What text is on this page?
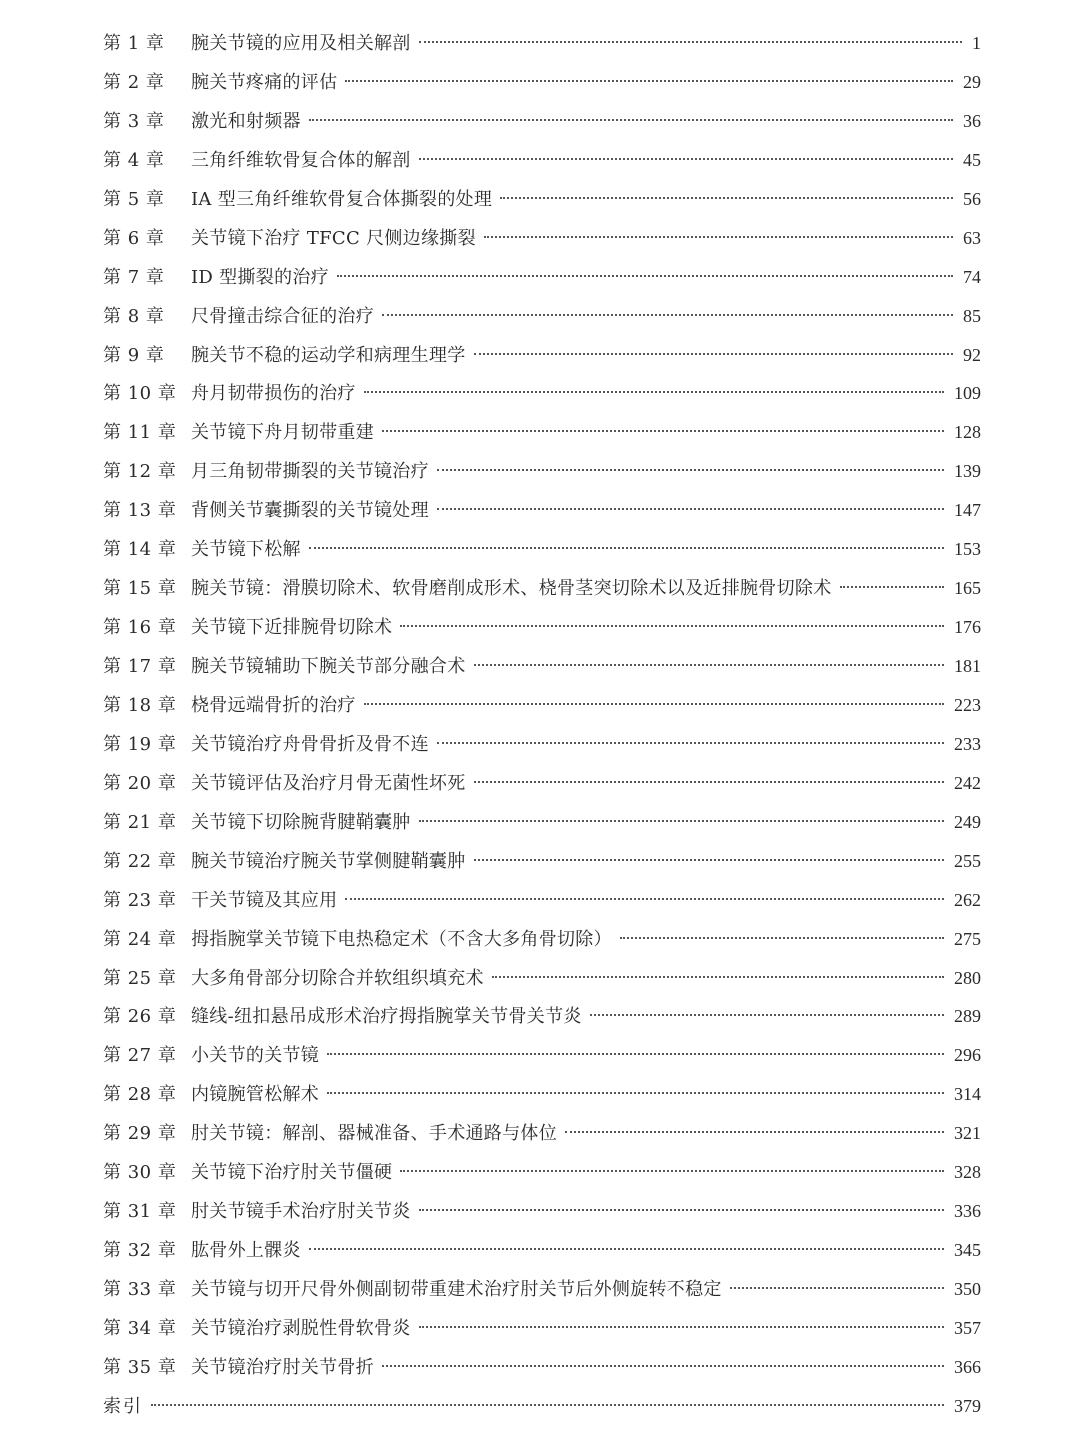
第 1 章	腕关节镜的应用及相关解剖	1
第 2 章	腕关节疼痛的评估	29
第 3 章	激光和射频器	36
第 4 章	三角纤维软骨复合体的解剖	45
第 5 章	ⅠA 型三角纤维软骨复合体撕裂的处理	56
第 6 章	关节镜下治疗 TFCC 尺侧边缘撕裂	63
第 7 章	ⅠD 型撕裂的治疗	74
第 8 章	尺骨撞击综合征的治疗	85
第 9 章	腕关节不稳的运动学和病理生理学	92
第 10 章 舟月韧带损伤的治疗	109
第 11 章 关节镜下舟月韧带重建	128
第 12 章 月三角韧带撕裂的关节镜治疗	139
第 13 章 背侧关节囊撕裂的关节镜处理	147
第 14 章 关节镜下松解	153
第 15 章 腕关节镜：滑膜切除术、软骨磨削成形术、桡骨茎突切除术以及近排腕骨切除术	165
第 16 章 关节镜下近排腕骨切除术	176
第 17 章 腕关节镜辅助下腕关节部分融合术	181
第 18 章 桡骨远端骨折的治疗	223
第 19 章 关节镜治疗舟骨骨折及骨不连	233
第 20 章 关节镜评估及治疗月骨无菌性坏死	242
第 21 章 关节镜下切除腕背腱鞘囊肿	249
第 22 章 腕关节镜治疗腕关节掌侧腱鞘囊肿	255
第 23 章 干关节镜及其应用	262
第 24 章 拇指腕掌关节镜下电热稳定术（不含大多角骨切除）	275
第 25 章 大多角骨部分切除合并软组织填充术	280
第 26 章 缝线-纽扣悬吊成形术治疗拇指腕掌关节骨关节炎	289
第 27 章 小关节的关节镜	296
第 28 章 内镜腕管松解术	314
第 29 章 肘关节镜：解剖、器械准备、手术通路与体位	321
第 30 章 关节镜下治疗肘关节僵硬	328
第 31 章 肘关节镜手术治疗肘关节炎	336
第 32 章 肱骨外上髁炎	345
第 33 章 关节镜与切开尺骨外侧副韧带重建术治疗肘关节后外侧旋转不稳定	350
第 34 章 关节镜治疗剥脱性骨软骨炎	357
第 35 章 关节镜治疗肘关节骨折	366
索引	379
